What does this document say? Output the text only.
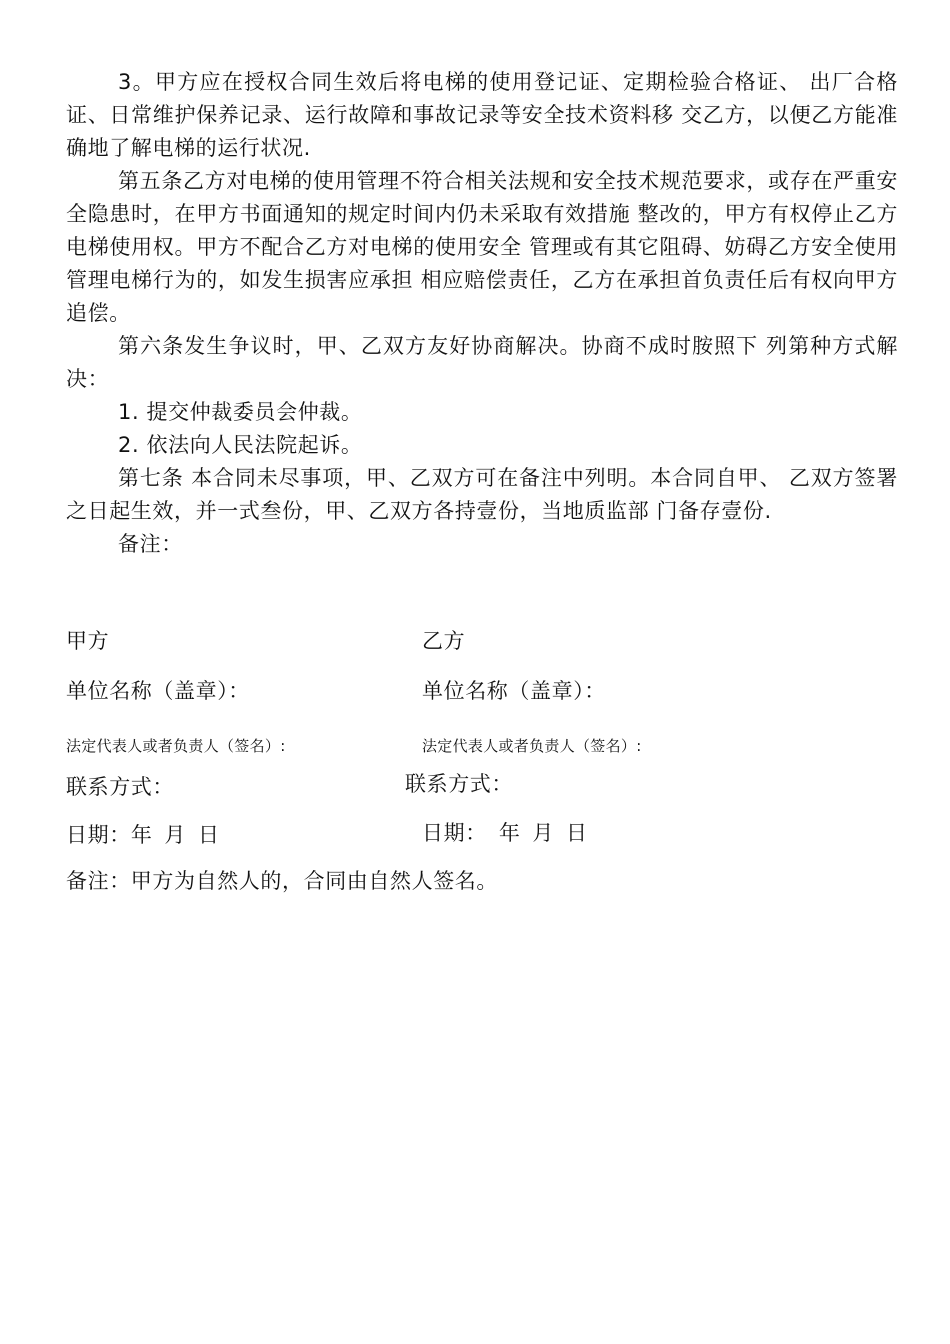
3。甲方应在授权合同生效后将电梯的使用登记证、定期检验合格证、 出厂合格证、日常维护保养记录、运行故障和事故记录等安全技术资料移 交乙方，以便乙方能准确地了解电梯的运行状况.

第五条乙方对电梯的使用管理不符合相关法规和安全技术规范要求，或存在严重安全隐患时，在甲方书面通知的规定时间内仍未采取有效措施 整改的，甲方有权停止乙方电梯使用权。甲方不配合乙方对电梯的使用安全 管理或有其它阻碍、妨碍乙方安全使用管理电梯行为的，如发生损害应承担 相应赔偿责任，乙方在承担首负责任后有权向甲方追偿。

第六条发生争议时，甲、乙双方友好协商解决。协商不成时胺照下 列第种方式解决：

1. 提交仲裁委员会仲裁。

2. 依法向人民法院起诉。

第七条 本合同未尽事项，甲、乙双方可在备注中列明。本合同自甲、 乙双方签署之日起生效，并一式叁份，甲、乙双方各持壹份，当地质监部 门备存壹份.

备注：

甲方
单位名称（盖章）：
法定代表人或者负责人（签名）:
联系方式：
日期：年 月 日
乙方
单位名称（盖章）：
法定代表人或者负责人（签名）:
联系方式：
日期： 年 月 日
备注：甲方为自然人的，合同由自然人签名。
